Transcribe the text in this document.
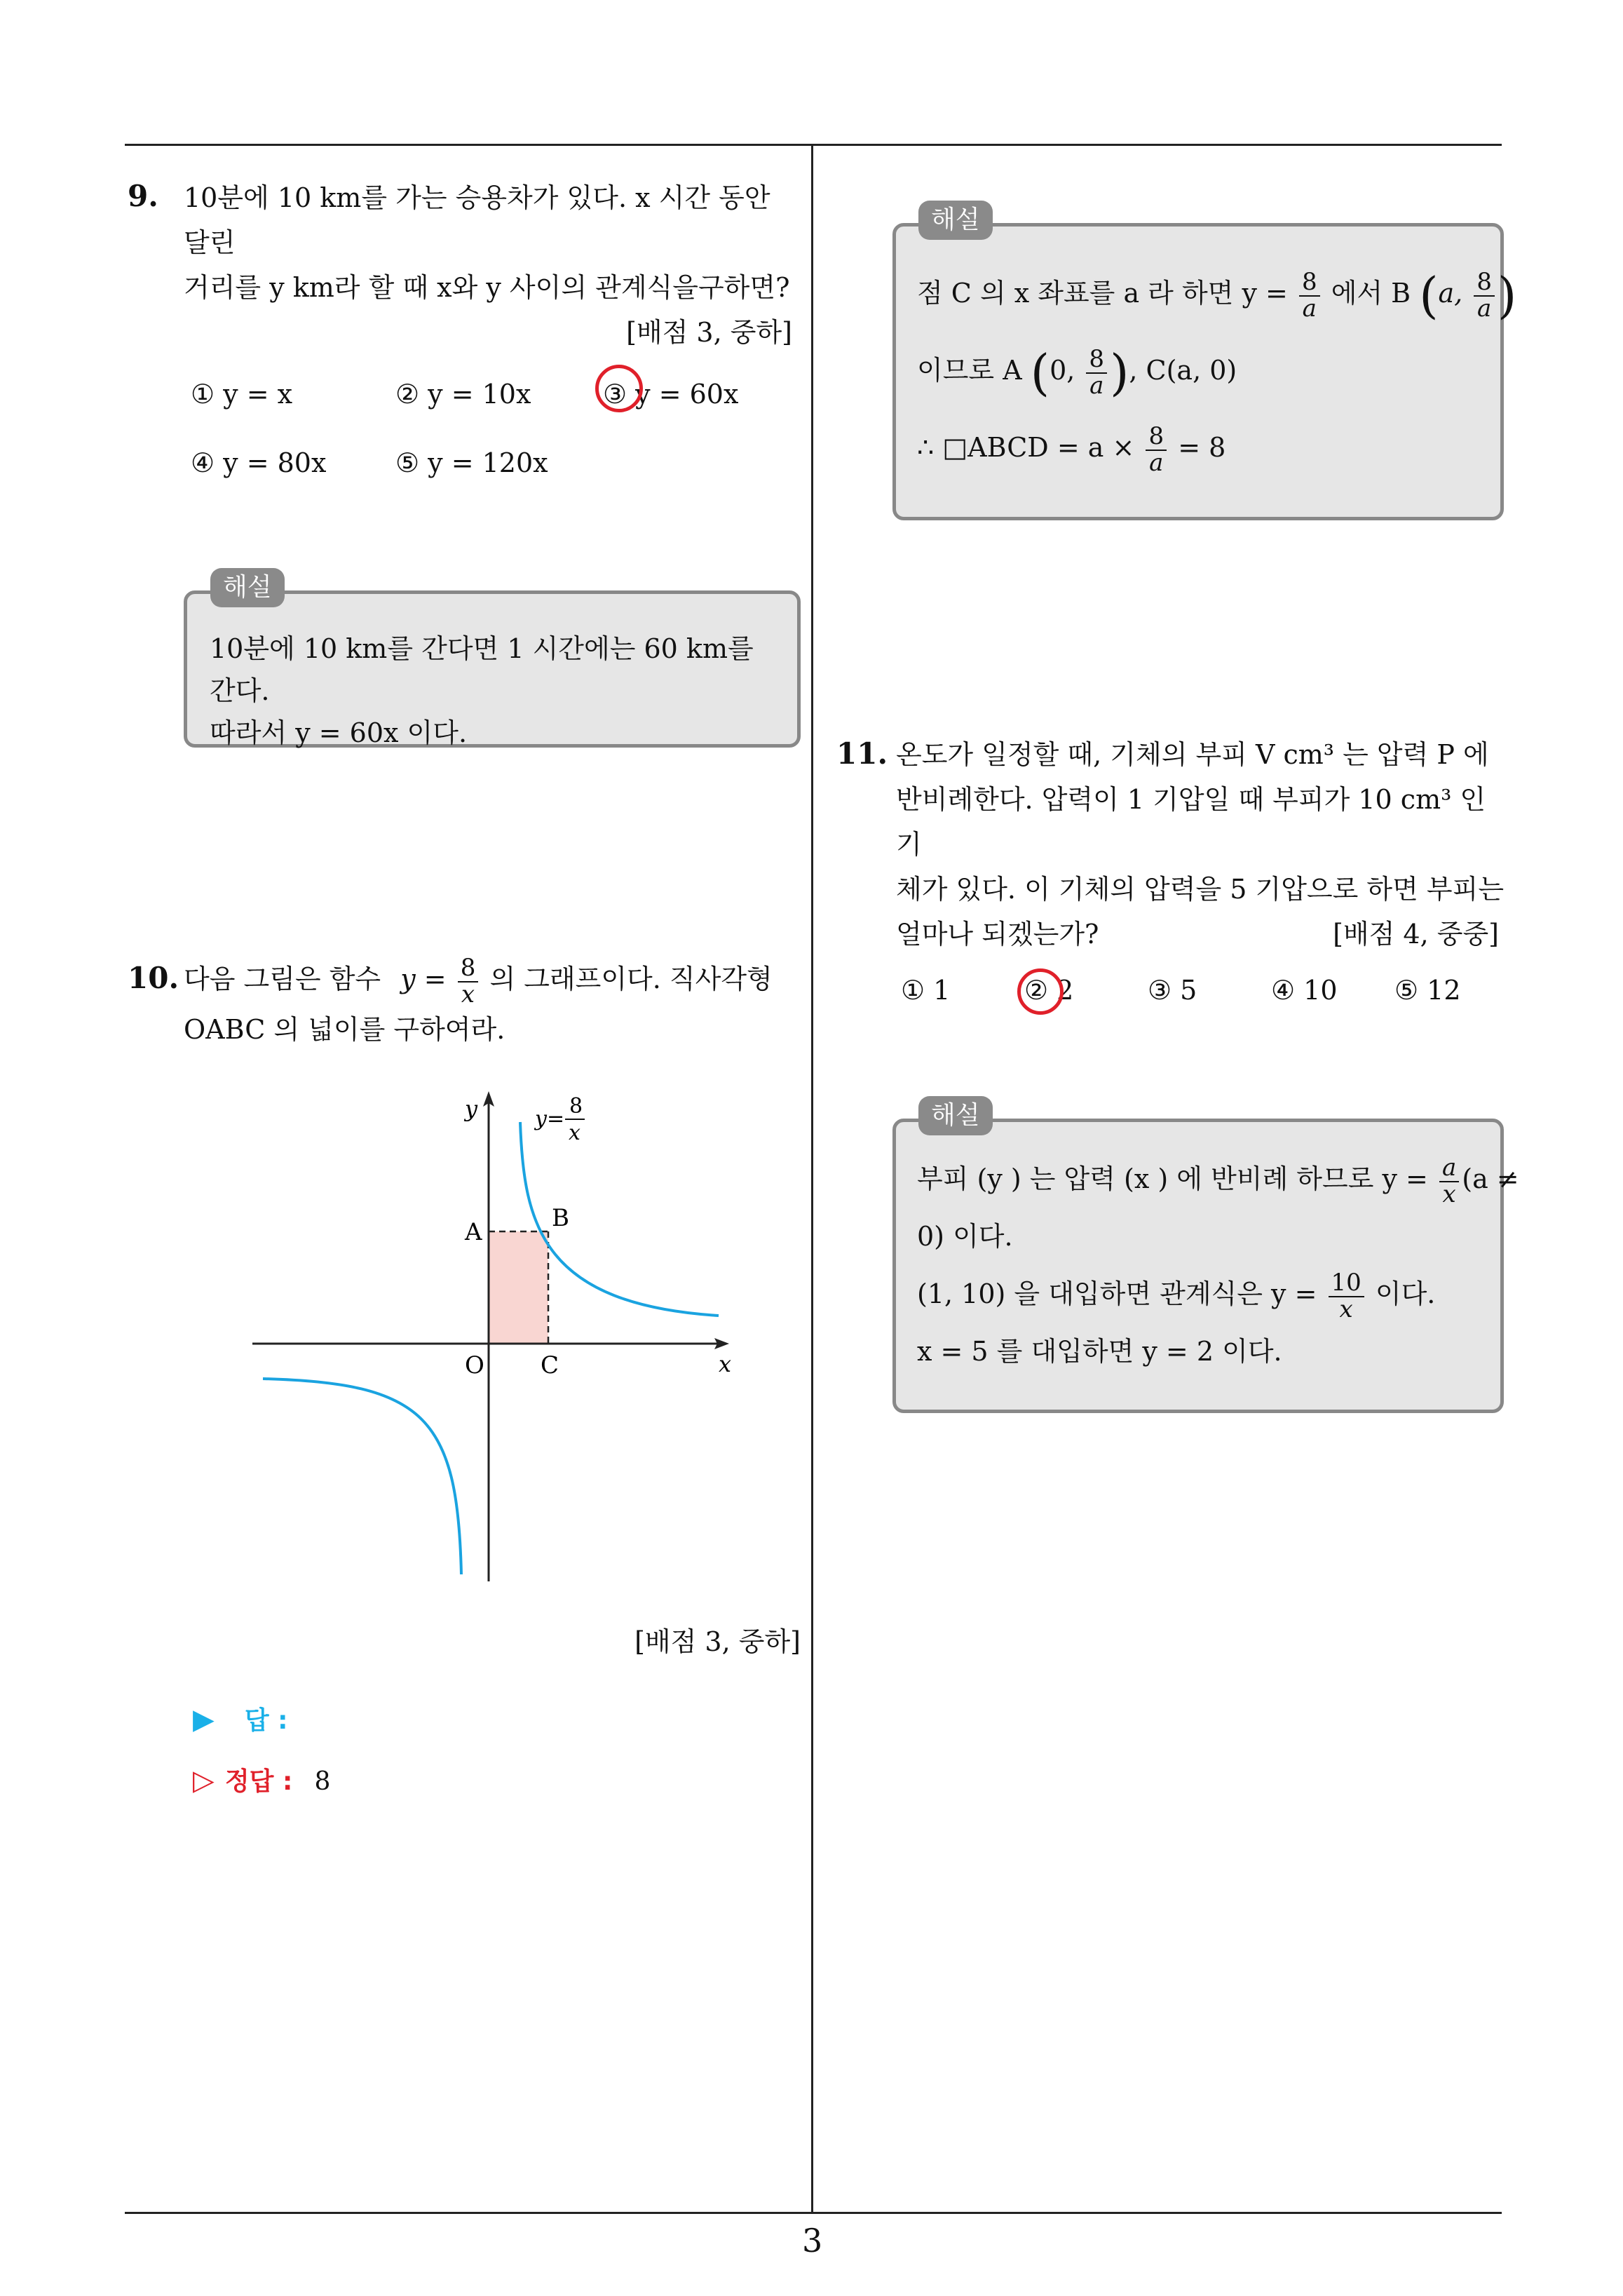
9. 10분에 10 km를 가는 승용차가 있다. x 시간 동안 달린
거리를 y km라 할 때 x와 y 사이의 관계식을구하면?
[배점 3, 중하]
① y = x	② y = 10x	③ y = 60x
④ y = 80x	⑤ y = 120x
10분에 10 km를 간다면 1 시간에는 60 km를 간다.
따라서 y = 60x 이다.
해설
10. 다음 그림은 함수 $y = \frac{8}{x}$ 의 그래프이다. 직사각형
OABC 의 넓이를 구하여라.
y
x
y=
8
x
A	B
O C
[배점 3, 중하]
▶ 답 :
▷ 정답 : 8
점 C 의 x 좌표를 a 라 하면 $y = \frac{8}{a}$ 에서 B (a, $\frac{8}{a}$ )
이므로 A (0, $\frac{8}{a}$ ), C(a, 0)
∴ □ABCD = $a \times \frac{8}{a} = 8$
해설
11. 온도가 일정할 때, 기체의 부피 V cm³ 는 압력 P 에
반비례한다. 압력이 1 기압일 때 부피가 10 cm³ 인 기
체가 있다. 이 기체의 압력을 5 기압으로 하면 부피는
얼마나 되겠는가?	[배점 4, 중중]
① 1	② 2	③ 5	④ 10 ⑤ 12
부피 (y ) 는 압력 (x ) 에 반비례 하므로 $y = \frac{a}{x} (a$ ≠
0) 이다.
(1, 10) 을 대입하면 관계식은 $y = \frac{10}{x}$ 이다.
x = 5 를 대입하면 y = 2 이다.
해설
3
